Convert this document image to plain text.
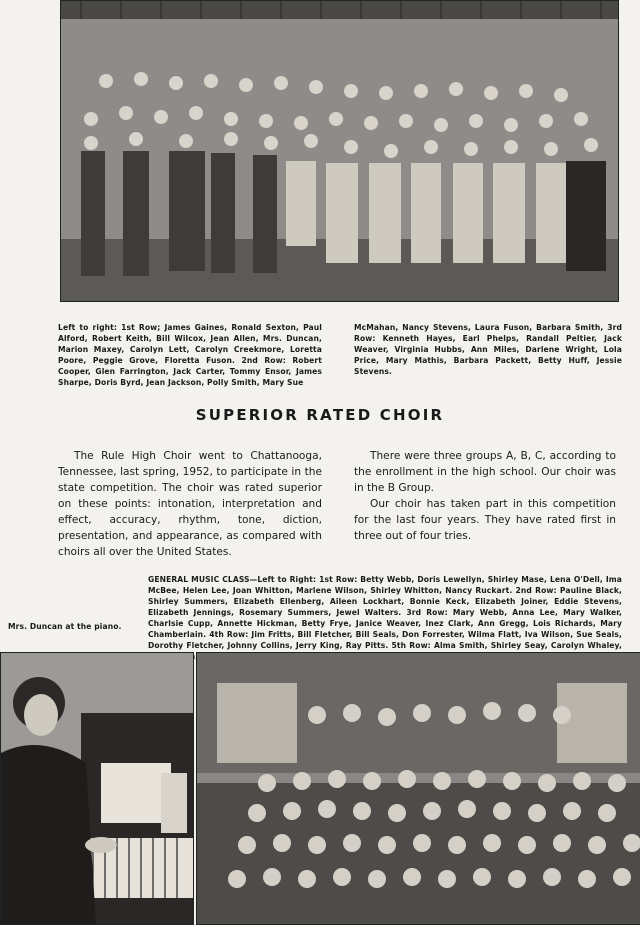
Left to right: 1st Row; James Gaines, Ronald Sexton, Paul Alford, Robert Keith, Bill Wilcox, Jean Allen, Mrs. Duncan, Marion Maxey, Carolyn Lett, Carolyn Creekmore, Loretta Poore, Peggie Grove, Floretta Fuson. 2nd Row: Robert Cooper, Glen Farrington, Jack Carter, Tommy Ensor, James Sharpe, Doris Byrd, Jean Jackson, Polly Smith, Mary Sue

McMahan, Nancy Stevens, Laura Fuson, Barbara Smith, 3rd Row: Kenneth Hayes, Earl Phelps, Randall Peltier, Jack Weaver, Virginia Hubbs, Ann Miles, Darlene Wright, Lola Price, Mary Mathis, Barbara Packett, Betty Huff, Jessie Stevens.

SUPERIOR RATED CHOIR

The Rule High Choir went to Chattanooga, Tennessee, last spring, 1952, to participate in the state competition. The choir was rated superior on these points: intonation, interpretation and effect, accuracy, rhythm, tone, diction, presentation, and appearance, as compared with choirs all over the United States.

There were three groups A, B, C, according to the enrollment in the high school. Our choir was in the B Group.

Our choir has taken part in this competition for the last four years. They have rated first in three out of four tries.

GENERAL MUSIC CLASS—Left to Right: 1st Row: Betty Webb, Doris Lewellyn, Shirley Mase, Lena O'Dell, Ima McBee, Helen Lee, Joan Whitton, Marlene Wilson, Shirley Whitton, Nancy Ruckart. 2nd Row: Pauline Black, Shirley Summers, Elizabeth Ellenberg, Aileen Lockhart, Bonnie Keck, Elizabeth Joiner, Eddie Stevens, Elizabeth Jennings, Rosemary Summers, Jewel Walters. 3rd Row: Mary Webb, Anna Lee, Mary Walker, Charlsie Cupp, Annette Hickman, Betty Frye, Janice Weaver, Inez Clark, Ann Gregg, Lois Richards, Mary Chamberlain. 4th Row: Jim Fritts, Bill Fletcher, Bill Seals, Don Forrester, Wilma Flatt, Iva Wilson, Sue Seals, Dorothy Fletcher, Johnny Collins, Jerry King, Ray Pitts. 5th Row: Alma Smith, Shirley Seay, Carolyn Whaley,

Mrs. Duncan at the piano.
